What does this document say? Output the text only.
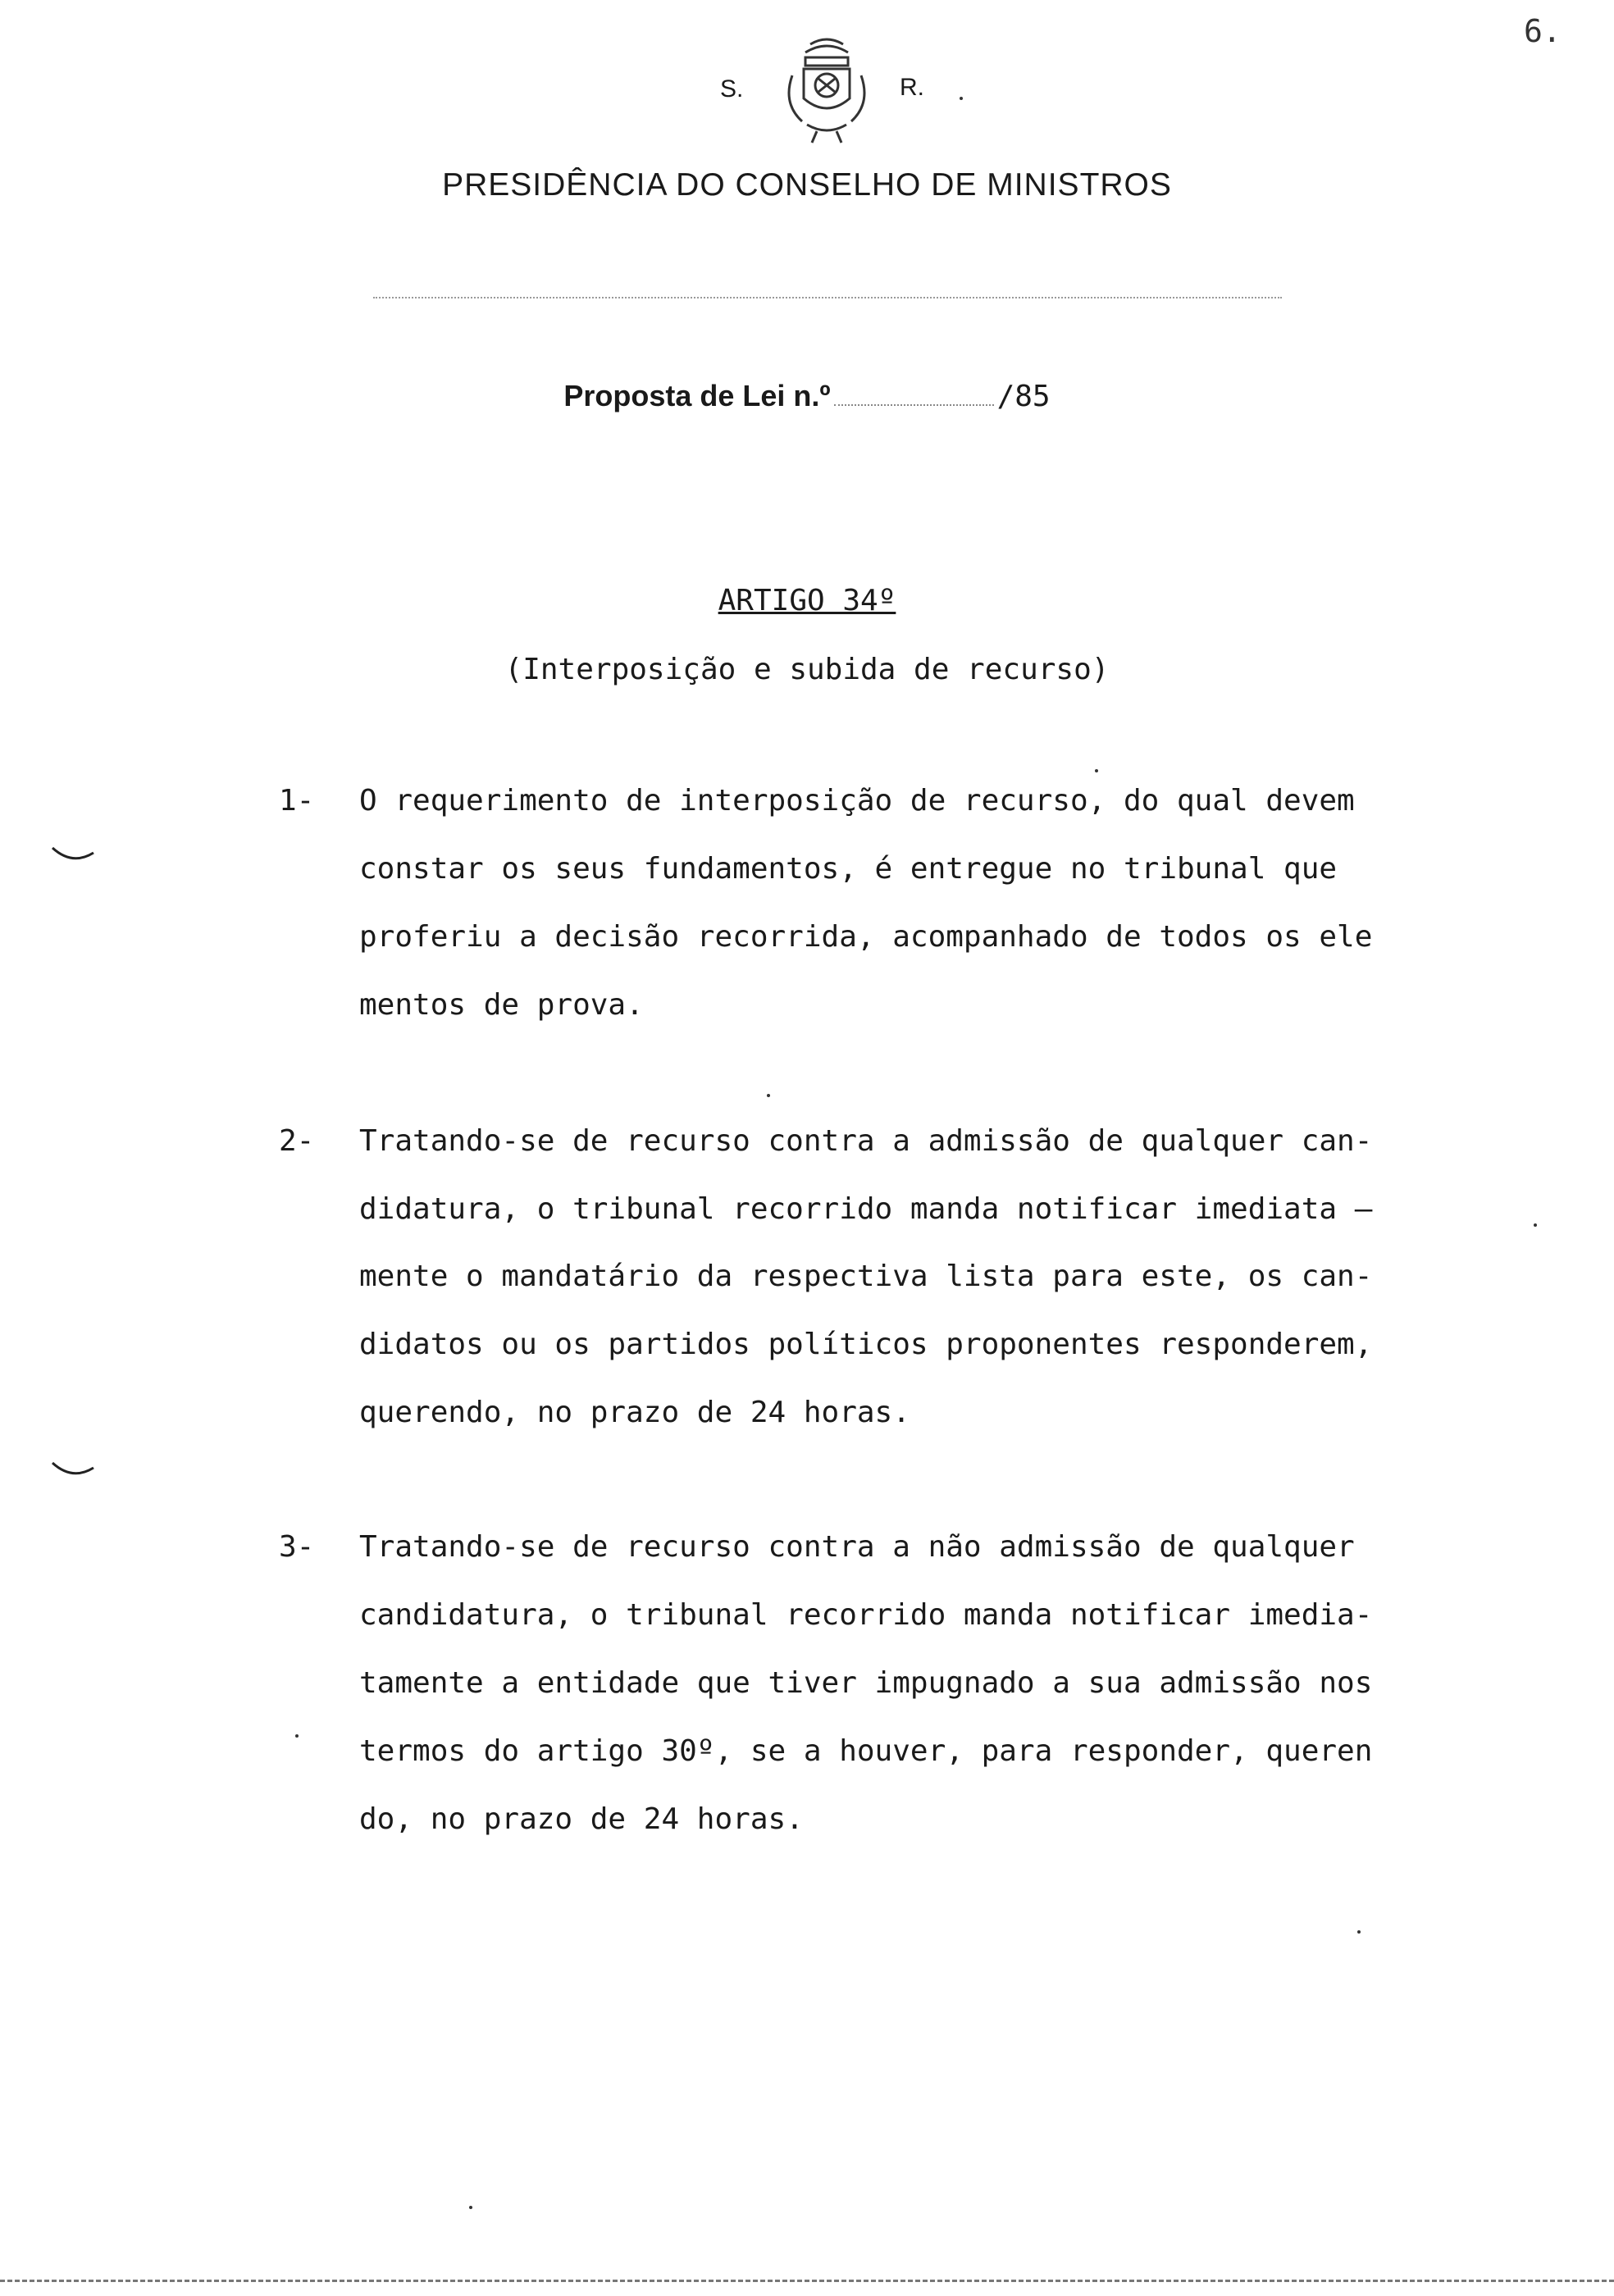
6.
S.	R.
PRESIDÊNCIA DO CONSELHO DE MINISTROS
Proposta de Lei n.º	/85
ARTIGO 34º
(Interposição e subida de recurso)
1- O requerimento de interposição de recurso, do qual devem
constar os seus fundamentos, é entregue no tribunal que
proferiu a decisão recorrida, acompanhado de todos os ele
mentos de prova.
2- Tratando-se de recurso contra a admissão de qualquer can-
didatura, o tribunal recorrido manda notificar imediata —
mente o mandatário da respectiva lista para este, os can-
didatos ou os partidos políticos proponentes responderem,
querendo, no prazo de 24 horas.
3- Tratando-se de recurso contra a não admissão de qualquer
candidatura, o tribunal recorrido manda notificar imedia-
tamente a entidade que tiver impugnado a sua admissão nos
termos do artigo 30º, se a houver, para responder, queren
do, no prazo de 24 horas.
